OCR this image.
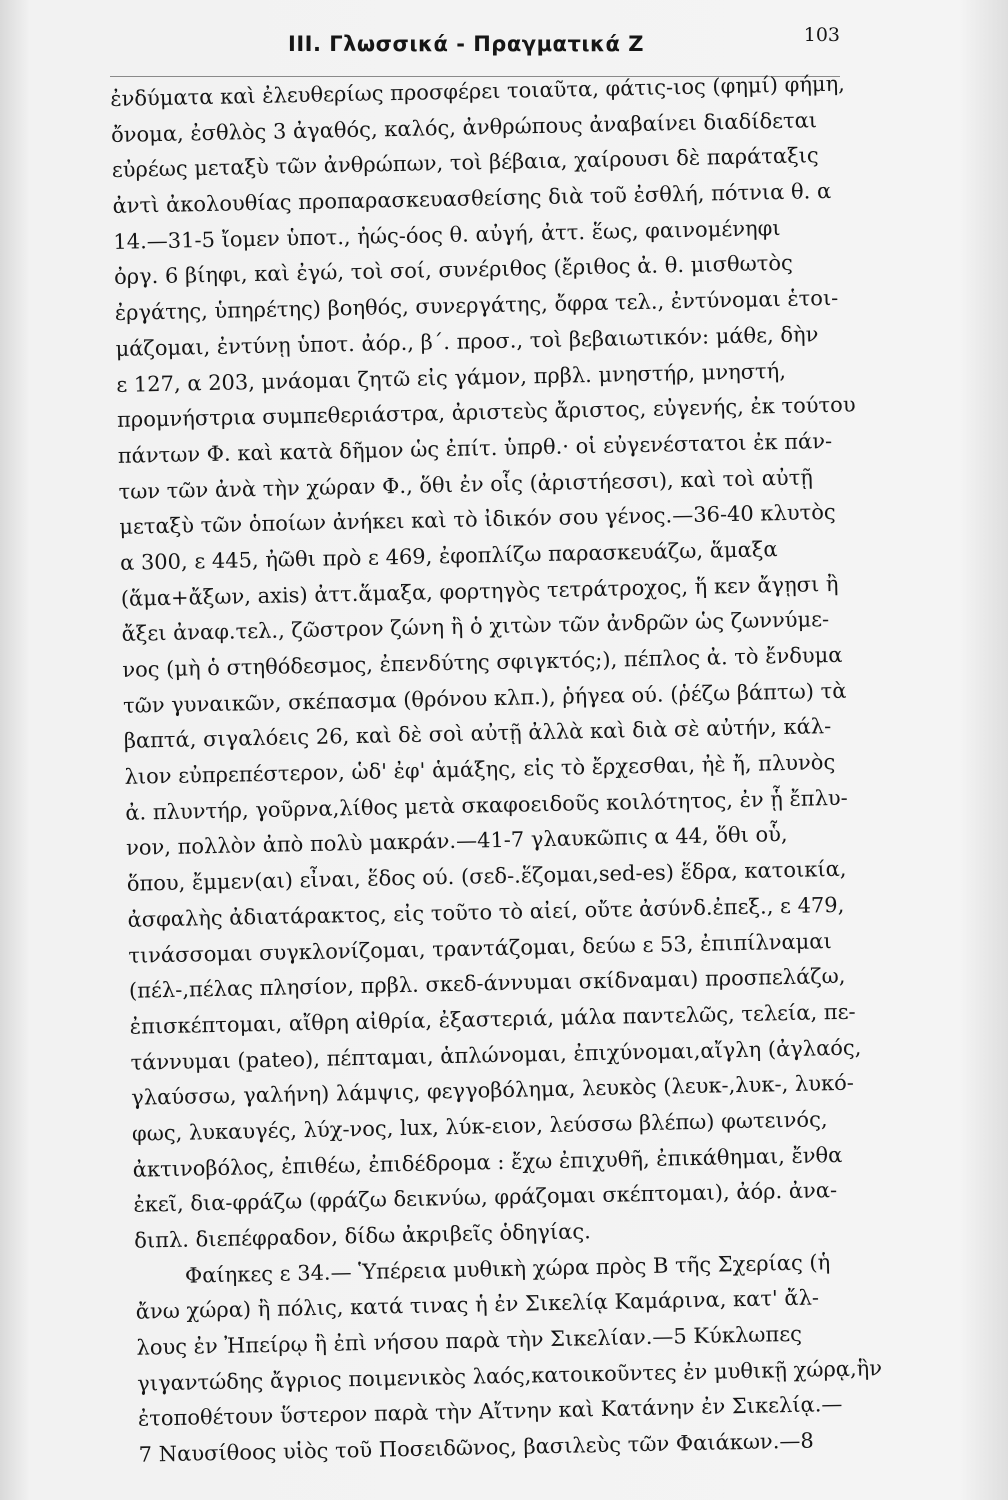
III. Γλωσσικά - Πραγματικά Ζ	103
ἐνδύματα καὶ ἐλευθερίως προσφέρει τοιαῦτα, φάτις-ιος (φημί) φήμη,
ὄνομα, ἐσθλὸς 3 ἀγαθός, καλός, ἀνθρώπους ἀναβαίνει διαδίδεται
εὐρέως μεταξὺ τῶν ἀνθρώπων, τοὶ βέβαια, χαίρουσι δὲ παράταξις
ἀντὶ ἀκολουθίας προπαρασκευασθείσης διὰ τοῦ ἐσθλή, πότνια θ. α
14.—31-5 ἴομεν ὑποτ., ἠώς-όος θ. αὐγή, ἀττ. ἕως, φαινομένηφι
ὀργ. 6 βίηφι, καὶ ἐγώ, τοὶ σοί, συνέριθος (ἔριθος ἀ. θ. μισθωτὸς
ἐργάτης, ὑπηρέτης) βοηθός, συνεργάτης, ὄφρα τελ., ἐντύνομαι ἑτοι-
μάζομαι, ἐντύνῃ ὑποτ. ἀόρ., β΄. προσ., τοὶ βεβαιωτικόν: μάθε, δὴν
ε 127, α 203, μνάομαι ζητῶ εἰς γάμον, πρβλ. μνηστήρ, μνηστή,
προμνήστρια συμπεθεριάστρα, ἀριστεὺς ἄριστος, εὐγενής, ἐκ τούτου
πάντων Φ. καὶ κατὰ δῆμον ὡς ἐπίτ. ὑπρθ.· οἱ εὐγενέστατοι ἐκ πάν-
των τῶν ἀνὰ τὴν χώραν Φ., ὅθι ἐν οἷς (ἀριστήεσσι), καὶ τοὶ αὐτῇ
μεταξὺ τῶν ὁποίων ἀνήκει καὶ τὸ ἰδικόν σου γένος.—36-40 κλυτὸς
α 300, ε 445, ἠῶθι πρὸ ε 469, ἐφοπλίζω παρασκευάζω, ἅμαξα
(ἅμα+ἄξων, axis) ἀττ.ἅμαξα, φορτηγὸς τετράτροχος, ἥ κεν ἄγῃσι ἢ
ἄξει ἀναφ.τελ., ζῶστρον ζώνη ἢ ὁ χιτὼν τῶν ἀνδρῶν ὡς ζωννύμε-
νος (μὴ ὁ στηθόδεσμος, ἐπενδύτης σφιγκτός;), πέπλος ἀ. τὸ ἔνδυμα
τῶν γυναικῶν, σκέπασμα (θρόνου κλπ.), ῥήγεα ού. (ῥέζω βάπτω) τὰ
βαπτά, σιγαλόεις 26, καὶ δὲ σοὶ αὐτῇ ἀλλὰ καὶ διὰ σὲ αὐτήν, κάλ-
λιον εὐπρεπέστερον, ὡδ' ἐφ' ἁμάξης, εἰς τὸ ἔρχεσθαι, ἠὲ ἤ, πλυνὸς
ἀ. πλυντήρ, γοῦρνα,λίθος μετὰ σκαφοειδοῦς κοιλότητος, ἐν ᾗ ἔπλυ-
νον, πολλὸν ἀπὸ πολὺ μακράν.—41-7 γλαυκῶπις α 44, ὅθι οὗ,
ὅπου, ἔμμεν(αι) εἶναι, ἕδος ού. (σεδ-.ἕζομαι,sed-es) ἕδρα, κατοικία,
ἀσφαλὴς ἀδιατάρακτος, εἰς τοῦτο τὸ αἰεί, οὔτε ἀσύνδ.ἐπεξ., ε 479,
τινάσσομαι συγκλονίζομαι, τραντάζομαι, δεύω ε 53, ἐπιπίλναμαι
(πέλ-,πέλας πλησίον, πρβλ. σκεδ-άννυμαι σκίδναμαι) προσπελάζω,
ἐπισκέπτομαι, αἴθρη αἰθρία, ἐξαστεριά, μάλα παντελῶς, τελεία, πε-
τάννυμαι (pateo), πέπταμαι, ἁπλώνομαι, ἐπιχύνομαι,αἴγλη (ἀγλαός,
γλαύσσω, γαλήνη) λάμψις, φεγγοβόλημα, λευκὸς (λευκ-,λυκ-, λυκό-
φως, λυκαυγές, λύχ-νος, lux, λύκ-ειον, λεύσσω βλέπω) φωτεινός,
ἀκτινοβόλος, ἐπιθέω, ἐπιδέδρομα : ἔχω ἐπιχυθῆ, ἐπικάθημαι, ἔνθα
ἐκεῖ, δια-φράζω (φράζω δεικνύω, φράζομαι σκέπτομαι), ἀόρ. ἀνα-
διπλ. διεπέφραδον, δίδω ἀκριβεῖς ὁδηγίας.
Φαίηκες ε 34.— Ὑπέρεια μυθικὴ χώρα πρὸς Β τῆς Σχερίας (ἡ
ἄνω χώρα) ἢ πόλις, κατά τινας ἡ ἐν Σικελίᾳ Καμάρινα, κατ' ἄλ-
λους ἐν Ἠπείρῳ ἢ ἐπὶ νήσου παρὰ τὴν Σικελίαν.—5 Κύκλωπες
γιγαντώδης ἄγριος ποιμενικὸς λαός,κατοικοῦντες ἐν μυθικῇ χώρᾳ,ἣν
ἐτοποθέτουν ὕστερον παρὰ τὴν Αἴτνην καὶ Κατάνην ἐν Σικελίᾳ.—
7 Ναυσίθοος υἱὸς τοῦ Ποσειδῶνος, βασιλεὺς τῶν Φαιάκων.—8
